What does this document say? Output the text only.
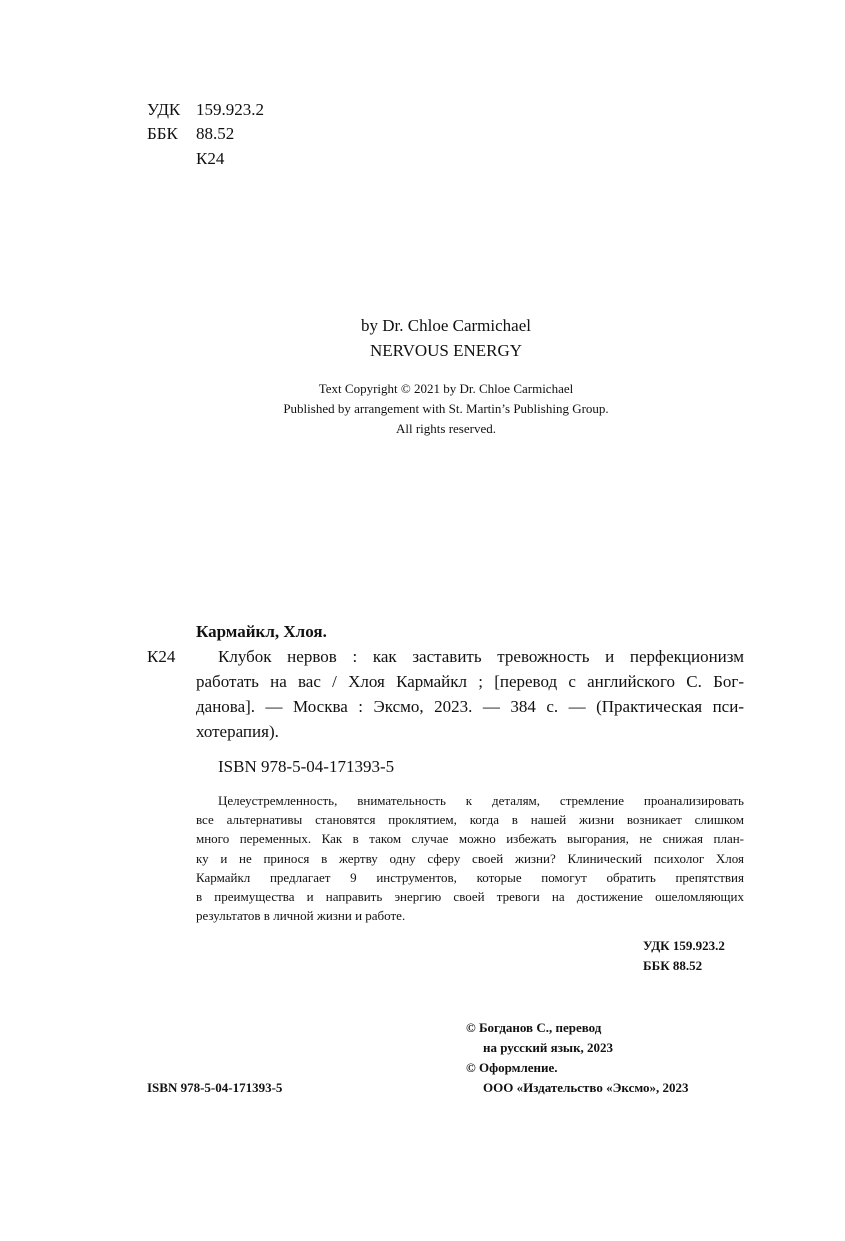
УДК 159.923.2
ББК 88.52
К24
by Dr. Chloe Carmichael
NERVOUS ENERGY
Text Copyright © 2021 by Dr. Chloe Carmichael
Published by arrangement with St. Martin’s Publishing Group.
All rights reserved.
Кармайкл, Хлоя.
К24	Клубок нервов : как заставить тревожность и перфекционизм
работать на вас / Хлоя Кармайкл ; [перевод с английского С. Бог-
данова]. — Москва : Эксмо, 2023. — 384 с. — (Практическая пси-
хотерапия).
ISBN 978-5-04-171393-5
Целеустремленность, внимательность к деталям, стремление проанализировать
все альтернативы становятся проклятием, когда в нашей жизни возникает слишком
много переменных. Как в таком случае можно избежать выгорания, не снижая план-
ку и не принося в жертву одну сферу своей жизни? Клинический психолог Хлоя
Кармайкл предлагает 9 инструментов, которые помогут обратить препятствия
в преимущества и направить энергию своей тревоги на достижение ошеломляющих
результатов в личной жизни и работе.
УДК 159.923.2
ББК 88.52
© Богданов С., перевод
на русский язык, 2023
© Оформление.
ООО «Издательство «Эксмо», 2023
ISBN 978-5-04-171393-5
